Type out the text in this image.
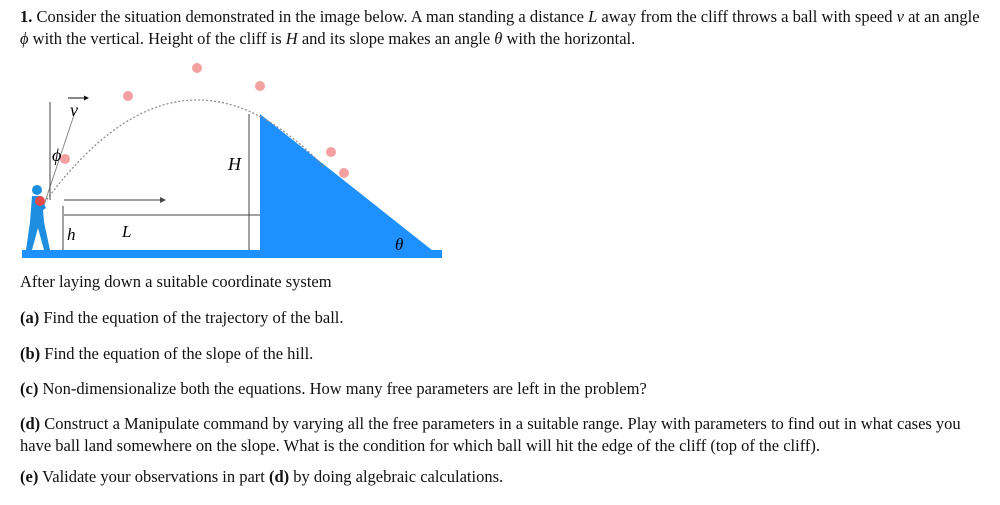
1. Consider the situation demonstrated in the image below. A man standing a distance L away from the cliff throws a ball with speed v at an angle ϕ with the vertical. Height of the cliff is H and its slope makes an angle θ with the horizontal.

v
ϕ
h	L
H
θ

After laying down a suitable coordinate system

(a) Find the equation of the trajectory of the ball.

(b) Find the equation of the slope of the hill.

(c) Non-dimensionalize both the equations. How many free parameters are left in the problem?

(d) Construct a Manipulate command by varying all the free parameters in a suitable range. Play with parameters to find out in what cases you have ball land somewhere on the slope. What is the condition for which ball will hit the edge of the cliff (top of the cliff).

(e) Validate your observations in part (d) by doing algebraic calculations.
